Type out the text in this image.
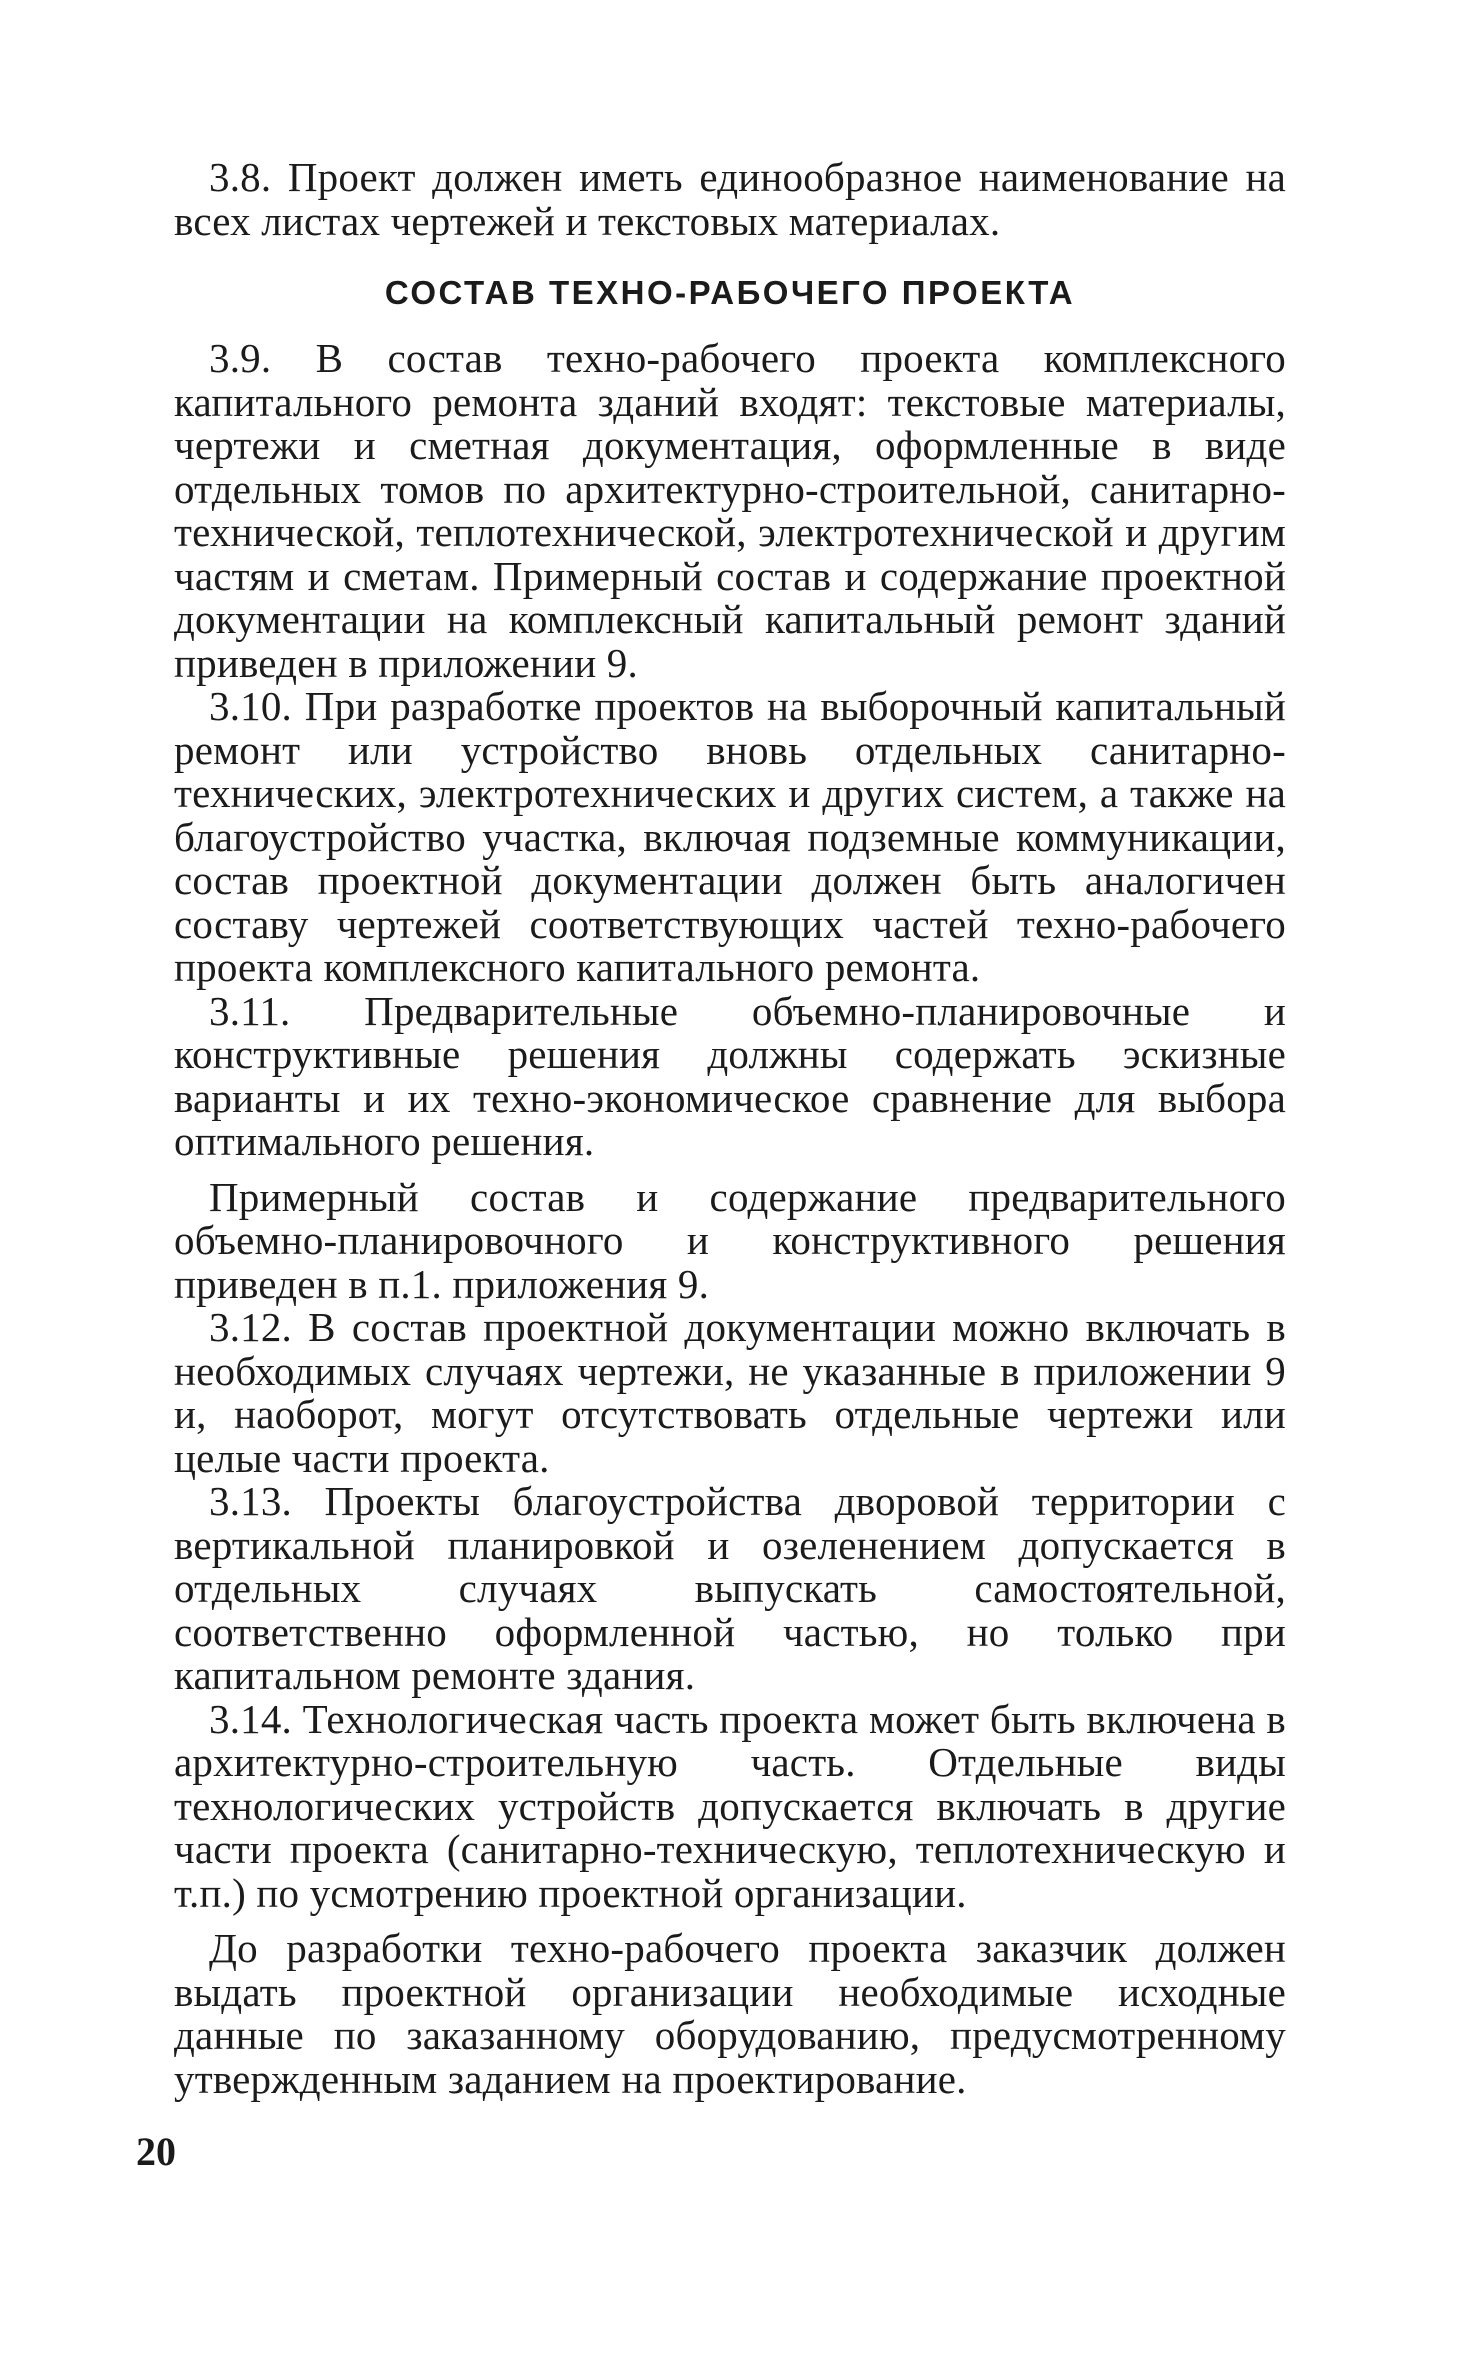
3.8. Проект должен иметь единообразное наименование на всех листах чертежей и текстовых материалах.

СОСТАВ ТЕХНО-РАБОЧЕГО ПРОЕКТА

3.9. В состав техно-рабочего проекта комплексного капитального ремонта зданий входят: текстовые материалы, чертежи и сметная документация, оформленные в виде отдельных томов по архитектурно-строительной, санитарно-технической, теплотехнической, электротехнической и другим частям и сметам. Примерный состав и содержание проектной документации на комплексный капитальный ремонт зданий приведен в приложении 9.

3.10. При разработке проектов на выборочный капитальный ремонт или устройство вновь отдельных санитарно-технических, электротехнических и других систем, а также на благоустройство участка, включая подземные коммуникации, состав проектной документации должен быть аналогичен составу чертежей соответствующих частей техно-рабочего проекта комплексного капитального ремонта.

3.11. Предварительные объемно-планировочные и конструктивные решения должны содержать эскизные варианты и их техно-экономическое сравнение для выбора оптимального решения.

Примерный состав и содержание предварительного объемно-планировочного и конструктивного решения приведен в п.1. приложения 9.

3.12. В состав проектной документации можно включать в необходимых случаях чертежи, не указанные в приложении 9 и, наоборот, могут отсутствовать отдельные чертежи или целые части проекта.

3.13. Проекты благоустройства дворовой территории с вертикальной планировкой и озеленением допускается в отдельных случаях выпускать самостоятельной, соответственно оформленной частью, но только при капитальном ремонте здания.

3.14. Технологическая часть проекта может быть включена в архитектурно-строительную часть. Отдельные виды технологических устройств допускается включать в другие части проекта (санитарно-техническую, теплотехническую и т.п.) по усмотрению проектной организации.

До разработки техно-рабочего проекта заказчик должен выдать проектной организации необходимые исходные данные по заказанному оборудованию, предусмотренному утвержденным заданием на проектирование.

20
